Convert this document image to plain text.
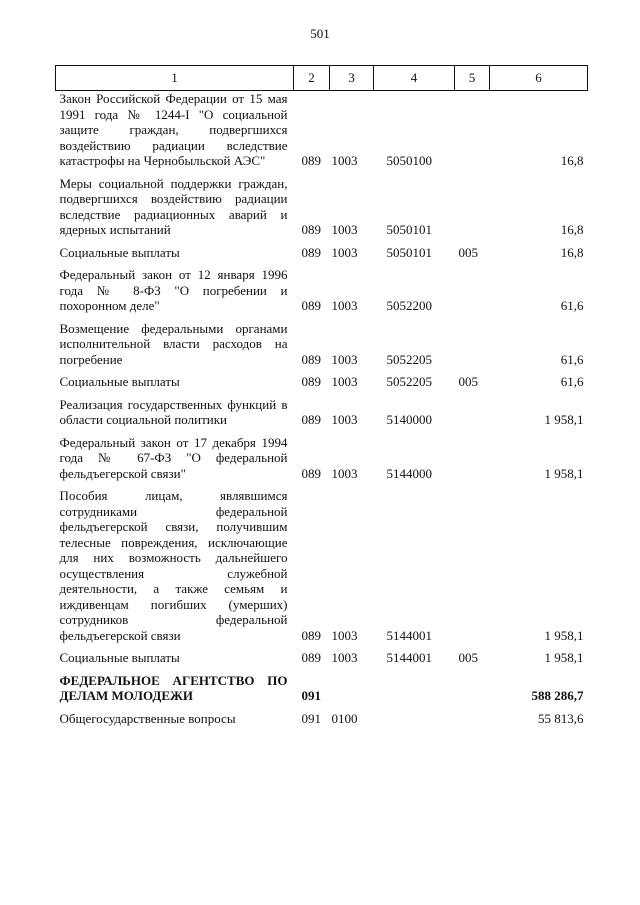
501
1	2	3	4	5	6
Закон Российской Федерации от 15 мая 1991 года № 1244-I "О социальной защите граждан, подвергшихся воздействию радиации вследствие катастрофы на Чернобыльской АЭС"	089	1003	5050100		16,8
Меры социальной поддержки граждан, подвергшихся воздействию радиации вследствие радиационных аварий и ядерных испытаний	089	1003	5050101		16,8
Социальные выплаты	089	1003	5050101	005	16,8
Федеральный закон от 12 января 1996 года № 8-ФЗ "О погребении и похоронном деле"	089	1003	5052200		61,6
Возмещение федеральными органами исполнительной власти расходов на погребение	089	1003	5052205		61,6
Социальные выплаты	089	1003	5052205	005	61,6
Реализация государственных функций в области социальной политики	089	1003	5140000		1 958,1
Федеральный закон от 17 декабря 1994 года № 67-ФЗ "О федеральной фельдъегерской связи"	089	1003	5144000		1 958,1
Пособия лицам, являвшимся сотрудниками федеральной фельдъегерской связи, получившим телесные повреждения, исключающие для них возможность дальнейшего осуществления служебной деятельности, а также семьям и иждивенцам погибших (умерших) сотрудников федеральной фельдъегерской связи	089	1003	5144001		1 958,1
Социальные выплаты	089	1003	5144001	005	1 958,1
ФЕДЕРАЛЬНОЕ АГЕНТСТВО ПО ДЕЛАМ МОЛОДЕЖИ	091				588 286,7
Общегосударственные вопросы	091	0100			55 813,6
